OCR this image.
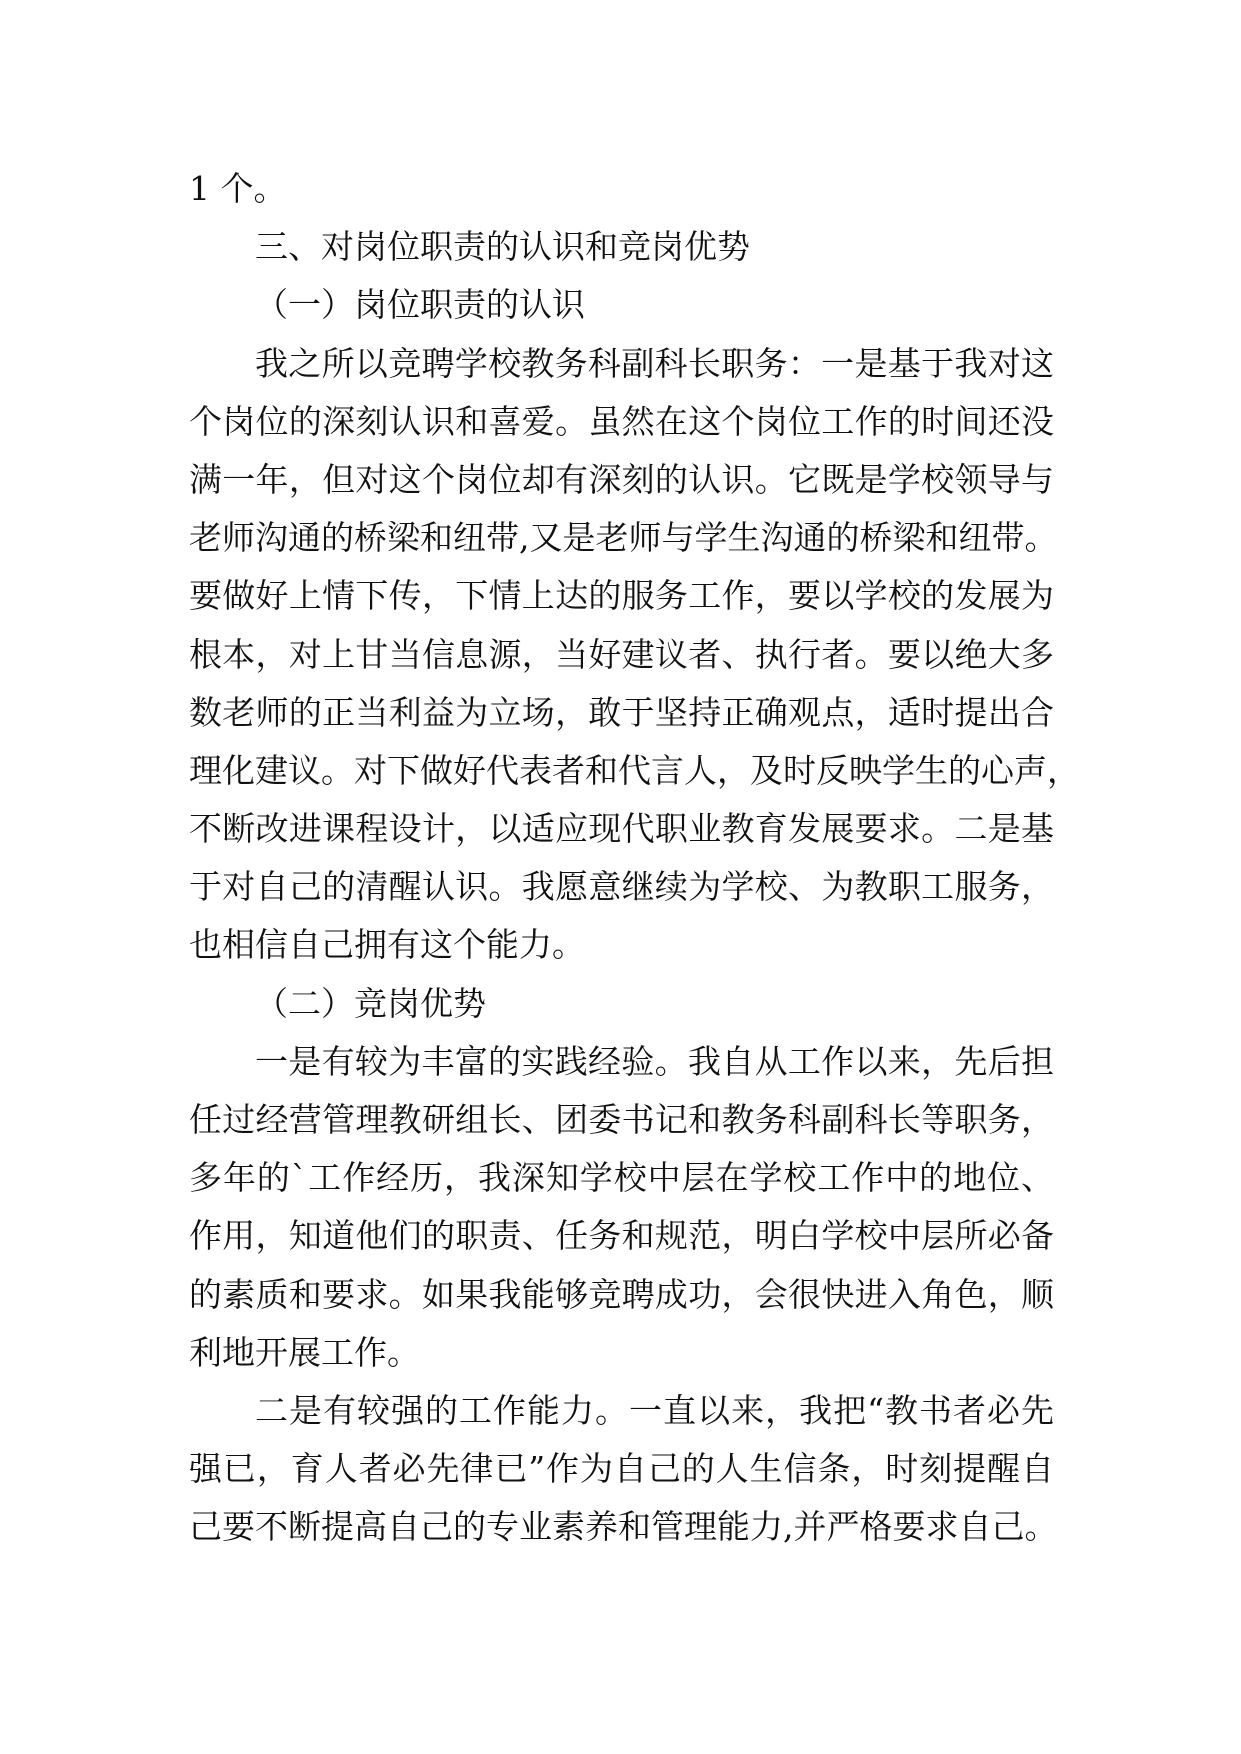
1 个。
三、对岗位职责的认识和竞岗优势
（一）岗位职责的认识
我之所以竞聘学校教务科副科长职务：一是基于我对这
个岗位的深刻认识和喜爱。虽然在这个岗位工作的时间还没
满一年，但对这个岗位却有深刻的认识。它既是学校领导与
老师沟通的桥梁和纽带,又是老师与学生沟通的桥梁和纽带。
要做好上情下传，下情上达的服务工作，要以学校的发展为
根本，对上甘当信息源，当好建议者、执行者。要以绝大多
数老师的正当利益为立场，敢于坚持正确观点，适时提出合
理化建议。对下做好代表者和代言人，及时反映学生的心声，
不断改进课程设计，以适应现代职业教育发展要求。二是基
于对自己的清醒认识。我愿意继续为学校、为教职工服务，
也相信自己拥有这个能力。
（二）竞岗优势
一是有较为丰富的实践经验。我自从工作以来，先后担
任过经营管理教研组长、团委书记和教务科副科长等职务，
多年的`工作经历，我深知学校中层在学校工作中的地位、
作用，知道他们的职责、任务和规范，明白学校中层所必备
的素质和要求。如果我能够竞聘成功，会很快进入角色，顺
利地开展工作。
二是有较强的工作能力。一直以来，我把“教书者必先
强已，育人者必先律已”作为自己的人生信条，时刻提醒自
己要不断提高自己的专业素养和管理能力,并严格要求自己。
